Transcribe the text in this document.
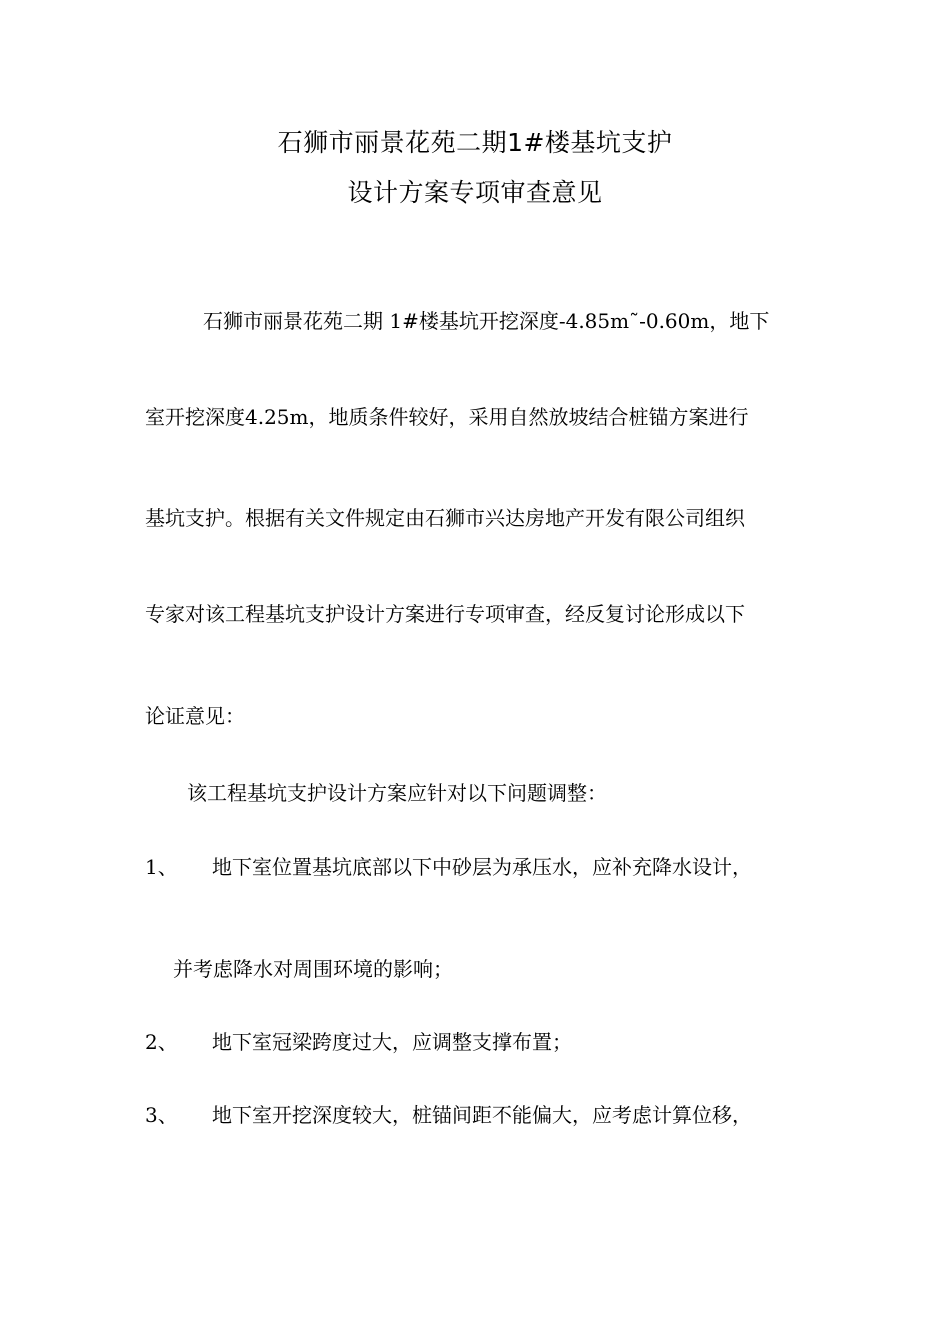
石狮市丽景花苑二期1#楼基坑支护
设计方案专项审查意见
石狮市丽景花苑二期 1#楼基坑开挖深度-4.85m˜-0.60m，地下
室开挖深度4.25m，地质条件较好，采用自然放坡结合桩锚方案进行
基坑支护。根据有关文件规定由石狮市兴达房地产开发有限公司组织
专家对该工程基坑支护设计方案进行专项审查，经反复讨论形成以下
论证意见：
该工程基坑支护设计方案应针对以下问题调整：
1、 地下室位置基坑底部以下中砂层为承压水，应补充降水设计，
并考虑降水对周围环境的影响；
2、 地下室冠梁跨度过大，应调整支撑布置；
3、 地下室开挖深度较大，桩锚间距不能偏大，应考虑计算位移，
